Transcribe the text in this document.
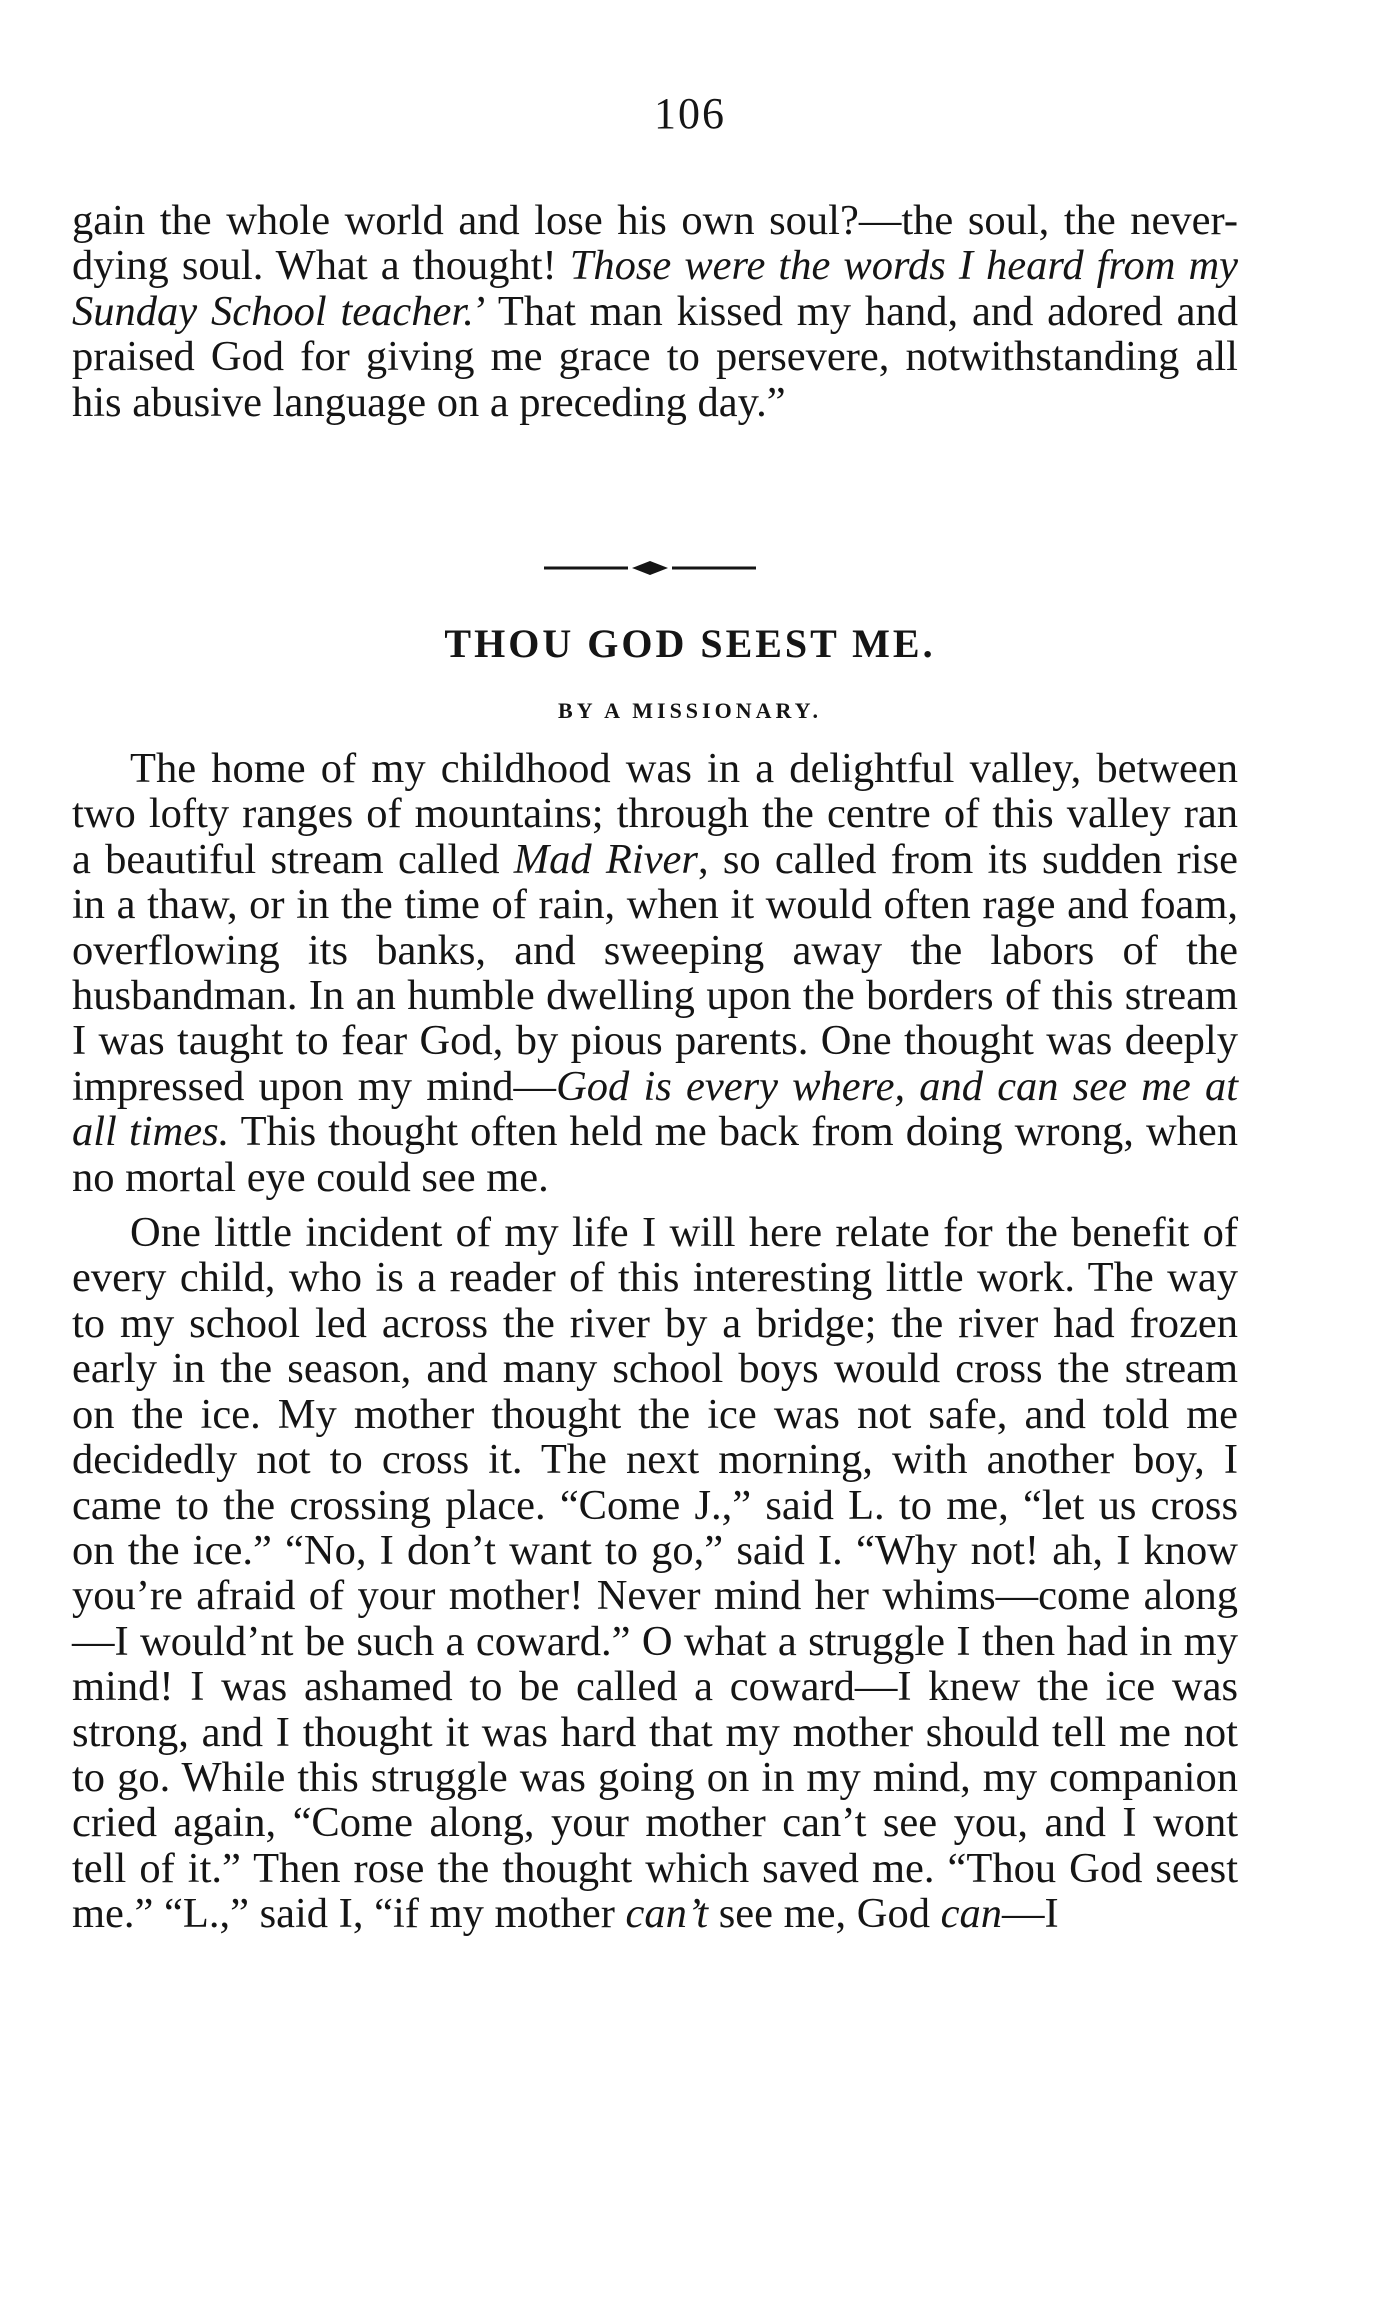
106

gain the whole world and lose his own soul?—the soul, the never-dying soul. What a thought! Those were the words I heard from my Sunday School teacher.’ That man kissed my hand, and adored and praised God for giving me grace to persevere, notwithstanding all his abusive language on a preceding day.”

THOU GOD SEEST ME.
BY A MISSIONARY.

The home of my childhood was in a delightful valley, between two lofty ranges of mountains; through the centre of this valley ran a beautiful stream called Mad River, so called from its sudden rise in a thaw, or in the time of rain, when it would often rage and foam, overflowing its banks, and sweeping away the labors of the husbandman. In an humble dwelling upon the borders of this stream I was taught to fear God, by pious parents. One thought was deeply impressed upon my mind—God is every where, and can see me at all times. This thought often held me back from doing wrong, when no mortal eye could see me.

One little incident of my life I will here relate for the benefit of every child, who is a reader of this interesting little work. The way to my school led across the river by a bridge; the river had frozen early in the season, and many school boys would cross the stream on the ice. My mother thought the ice was not safe, and told me decidedly not to cross it. The next morning, with another boy, I came to the crossing place. “Come J.,” said L. to me, “let us cross on the ice.” “No, I don’t want to go,” said I. “Why not! ah, I know you’re afraid of your mother! Never mind her whims—come along—I would’nt be such a coward.” O what a struggle I then had in my mind! I was ashamed to be called a coward—I knew the ice was strong, and I thought it was hard that my mother should tell me not to go. While this struggle was going on in my mind, my companion cried again, “Come along, your mother can’t see you, and I wont tell of it.” Then rose the thought which saved me. “Thou God seest me.” “L.,” said I, “if my mother can’t see me, God can—I
